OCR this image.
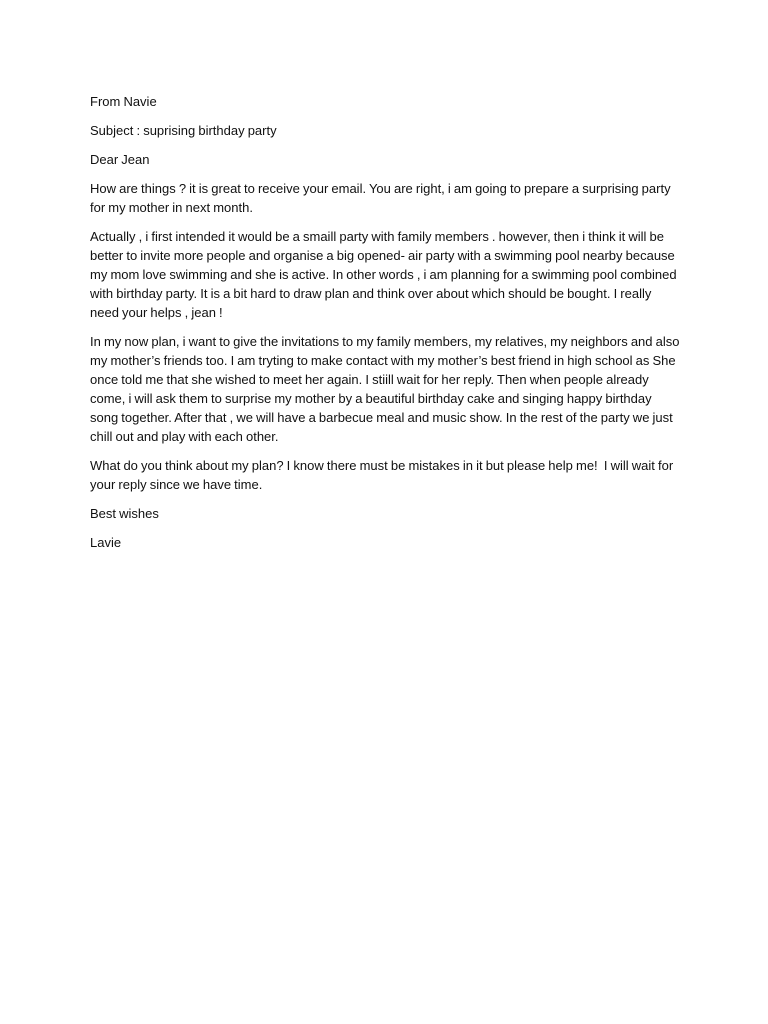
From Navie

Subject : suprising birthday party

Dear Jean

How are things ? it is great to receive your email. You are right, i am going to prepare a surprising party for my mother in next month.

Actually , i first intended it would be a smaill party with family members . however, then i think it will be better to invite more people and organise a big opened- air party with a swimming pool nearby because my mom love swimming and she is active. In other words , i am planning for a swimming pool combined with birthday party. It is a bit hard to draw plan and think over about which should be bought. I really need your helps , jean !

In my now plan, i want to give the invitations to my family members, my relatives, my neighbors and also my mother’s friends too. I am tryting to make contact with my mother’s best friend in high school as She  once told me that she wished to meet her again. I stiill wait for her reply. Then when people already come, i will ask them to surprise my mother by a beautiful birthday cake and singing happy birthday song together. After that , we will have a barbecue meal and music show. In the rest of the party we just chill out and play with each other.

What do you think about my plan? I know there must be mistakes in it but please help me!  I will wait for your reply since we have time.

Best wishes

Lavie
